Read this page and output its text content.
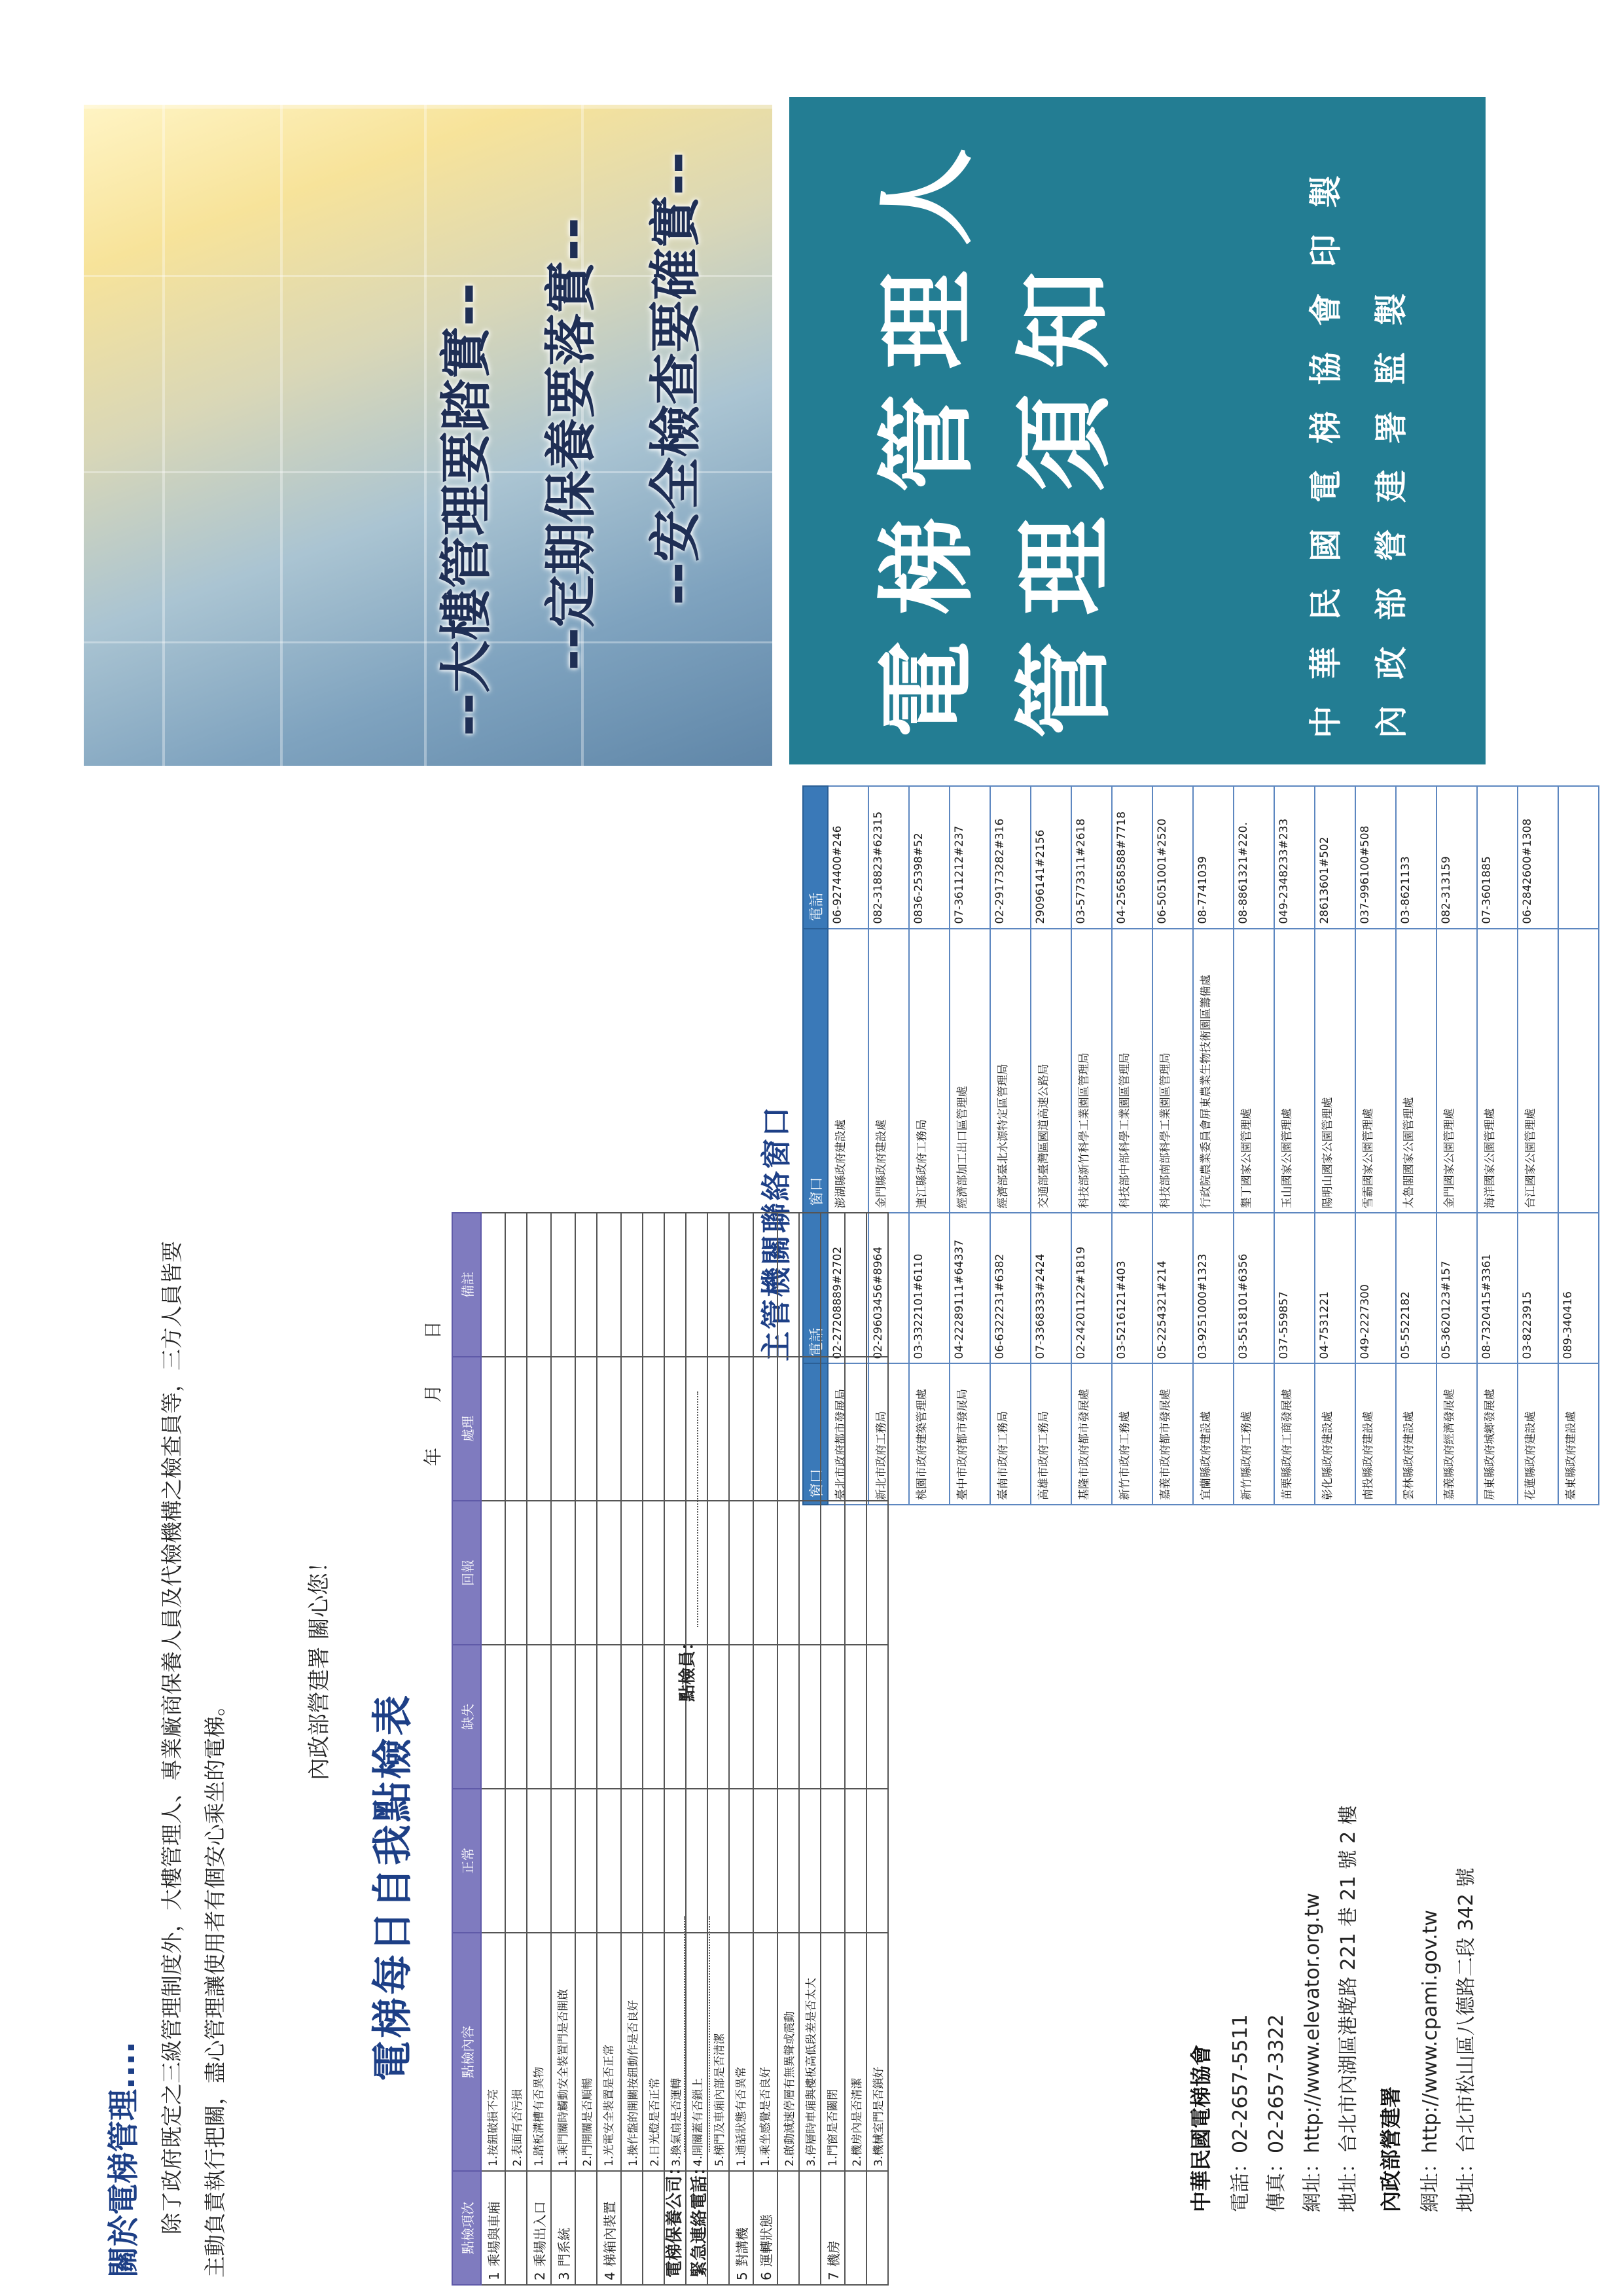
--大樓管理要踏實-- --定期保養要落實-- --安全檢查要確實-- 電梯管理人 管理須知	中華民國電梯協會印製 內政部營建署監製
主管機關聯絡窗口
窗口	電話	窗口	電話
臺北市政府都市發展局	02-27208889#2702	澎湖縣政府建設處	06-9274400#246
新北市政府工務局	02-29603456#8964	金門縣政府建設處	082-318823#62315
桃園市政府建築管理處	03-3322101#6110	連江縣政府工務局	0836-25398#52
臺中市政府都市發展局	04-22289111#64337	經濟部加工出口區管理處	07-3611212#237
臺南市政府工務局	06-6322231#6382	經濟部臺北水源特定區管理局	02-29173282#316
高雄市政府工務局	07-3368333#2424	交通部臺灣區國道高速公路局	29096141#2156
基隆市政府都市發展處	02-24201122#1819	科技部新竹科學工業園區管理局	03-5773311#2618
新竹市政府工務處	03-5216121#403	科技部中部科學工業園區管理局	04-25658588#7718
嘉義市政府都市發展處	05-2254321#214	科技部南部科學工業園區管理局	06-5051001#2520
宜蘭縣政府建設處	03-9251000#1323	行政院農業委員會屏東農業生物技術園區籌備處	08-7741039
新竹縣政府工務處	03-5518101#6356	墾丁國家公園管理處	08-8861321#220.
苗栗縣政府工商發展處	037-559857	玉山國家公園管理處	049-2348233#233
彰化縣政府建設處	04-7531221	陽明山國家公園管理處	28613601#502
南投縣政府建設處	049-2227300	雪霸國家公園管理處	037-996100#508
雲林縣政府建設處	05-5522182	太魯閣國家公園管理處	03-8621133
嘉義縣政府經濟發展處	05-3620123#157	金門國家公園管理處	082-313159
屏東縣政府城鄉發展處	08-7320415#3361	海洋國家公園管理處	07-3601885
花蓮縣政府建設處	03-8223915	台江國家公園管理處	06-2842600#1308
臺東縣政府建設處	089-340416		
中華民國電梯協會 電話：02-2657-5511 傳真：02-2657-3322 網址：http://www.elevator.org.tw 地址：台北市內湖區港墘路 221 巷 21 號 2 樓 內政部營建署 網址：http://www.cpami.gov.tw 地址：台北市松山區八德路二段 342 號
關於電梯管理.... 除了政府既定之三級管理制度外，大樓管理人、專業廠商保養人員及代檢機構之檢查員等，三方人員皆要主動負責執行把關，盡心管理讓使用者有個安心乘坐的電梯。
內政部營建署 關心您！
電梯每日自我點檢表
年 月 日
點檢項次	點檢內容	正常	缺失	回報	處理	備註
1乘場與車廂	1.按鈕破損不亮					
	2.表面有否污損					
2乘場出入口	1.踏板溝槽有否異物					
3門系統	1.乘門關時觸動安全裝置門是否開啟					
	2.門開關是否順暢					
4梯箱內裝置	1.光電安全裝置是否正常					
	1.操作盤的開關按鈕動作是否良好					
	2.日光燈是否正常					
	3.換氣扇是否運轉					
	4.開關蓋有否鎖上					
	5.梯門及車廂內部是否清潔					
5對講機	1.通話狀態有否異常					
6運轉狀態	1.乘坐感覺是否良好					
	2.啟動減速停層有無異聲或震動					
	3.停層時車廂與樓板高低段差是否太大					
7機房	1.門窗是否關閉					
	2.機房內是否清潔					
	3.機械室門是否鎖好					
電梯保養公司： 緊急連絡電話：
點檢員：
